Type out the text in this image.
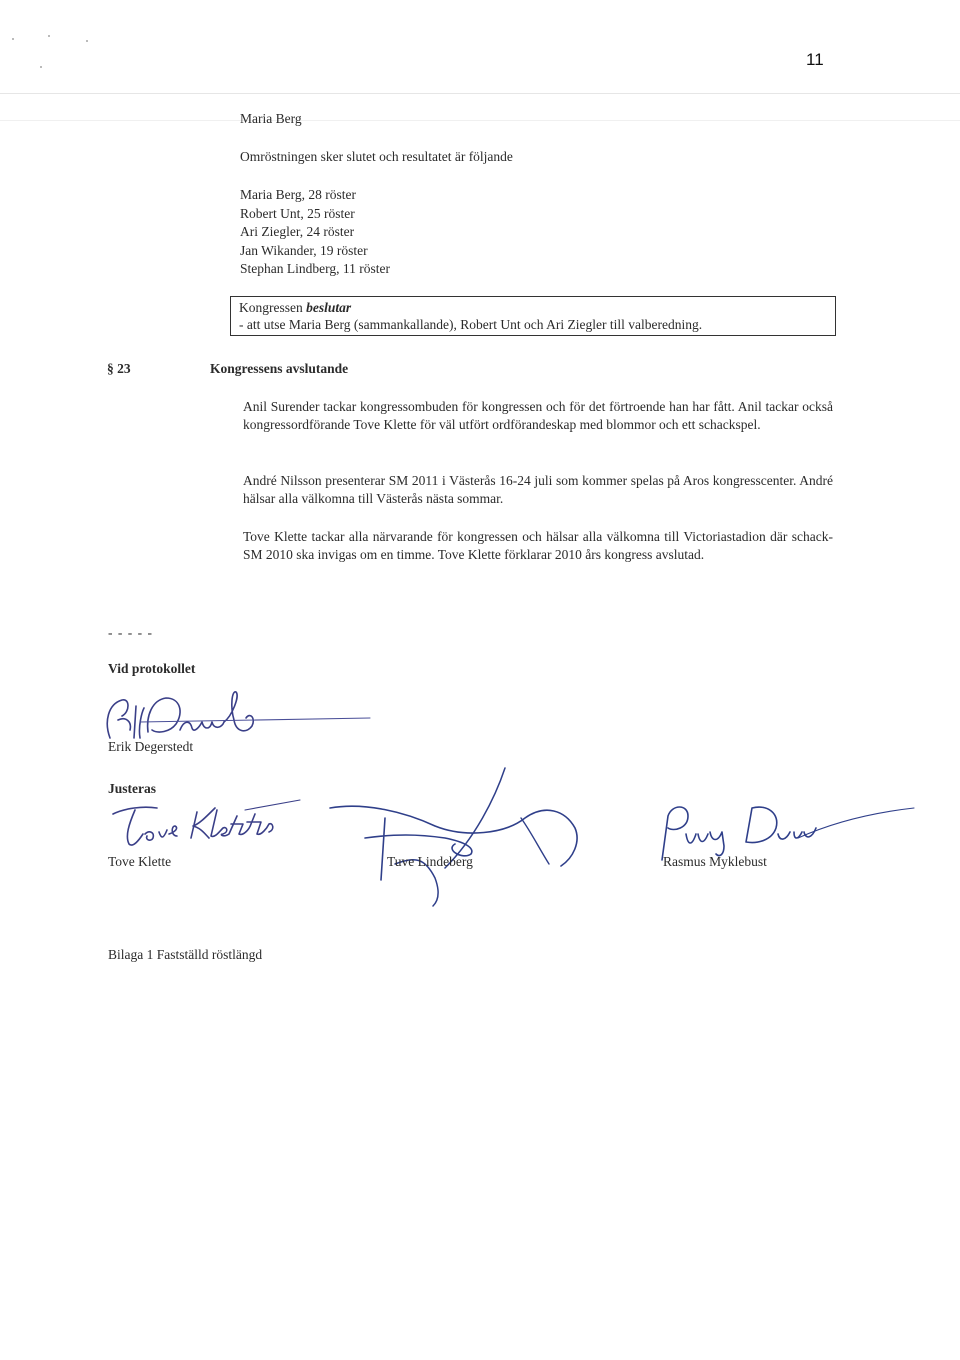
11
Maria Berg
Omröstningen sker slutet och resultatet är följande
Maria Berg, 28 röster
Robert Unt, 25 röster
Ari Ziegler, 24 röster
Jan Wikander, 19 röster
Stephan Lindberg, 11 röster
Kongressen beslutar
- att utse Maria Berg (sammankallande), Robert Unt och Ari Ziegler till valberedning.
§ 23	Kongressens avslutande
Anil Surender tackar kongressombuden för kongressen och för det förtroende han har fått. Anil tackar också kongressordförande Tove Klette för väl utfört ordförandeskap med blommor och ett schackspel.
André Nilsson presenterar SM 2011 i Västerås 16-24 juli som kommer spelas på Aros kongresscenter. André hälsar alla välkomna till Västerås nästa sommar.
Tove Klette tackar alla närvarande för kongressen och hälsar alla välkomna till Victoriastadion där schack-SM 2010 ska invigas om en timme. Tove Klette förklarar 2010 års kongress avslutad.
- - - - -
Vid protokollet
Erik Degerstedt
Justeras
Tove Klette	Tuve Lindeberg	Rasmus Myklebust
Bilaga 1 Fastställd röstlängd
